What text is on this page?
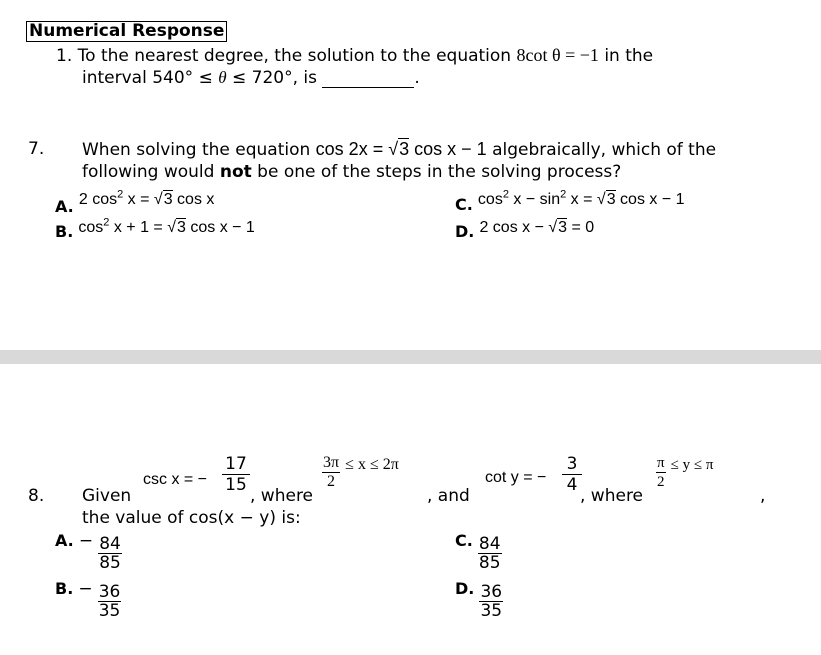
Numerical Response
1. To the nearest degree, the solution to the equation 8cot θ = −1 in the
interval 540° ≤ θ ≤ 720°, is	.
7. When solving the equation cos 2x = √3 cos x − 1 algebraically, which of the
following would not be one of the steps in the solving process?
A. 2 $\cos^2 x = √3$ cos x
B. $\cos^2 x + 1 = √3$ cos x − 1
C. $\cos^2 x - \sin^2 x = √3$ cos x − 1
D. 2 cos x − √3 = 0
8. Given
csc x = − $\frac{17}{15}$
, where
$\frac{3\pi}{2} \le x \le 2\pi$
, and
cot y = − $\frac{3}{4}$
, where
$\frac{\pi}{2} \le y \le \pi$
,
the value of cos(x − y) is:
A. − $\frac{84}{85}$
B. − $\frac{36}{35}$
C. $\frac{84}{85}$
D. $\frac{36}{35}$
